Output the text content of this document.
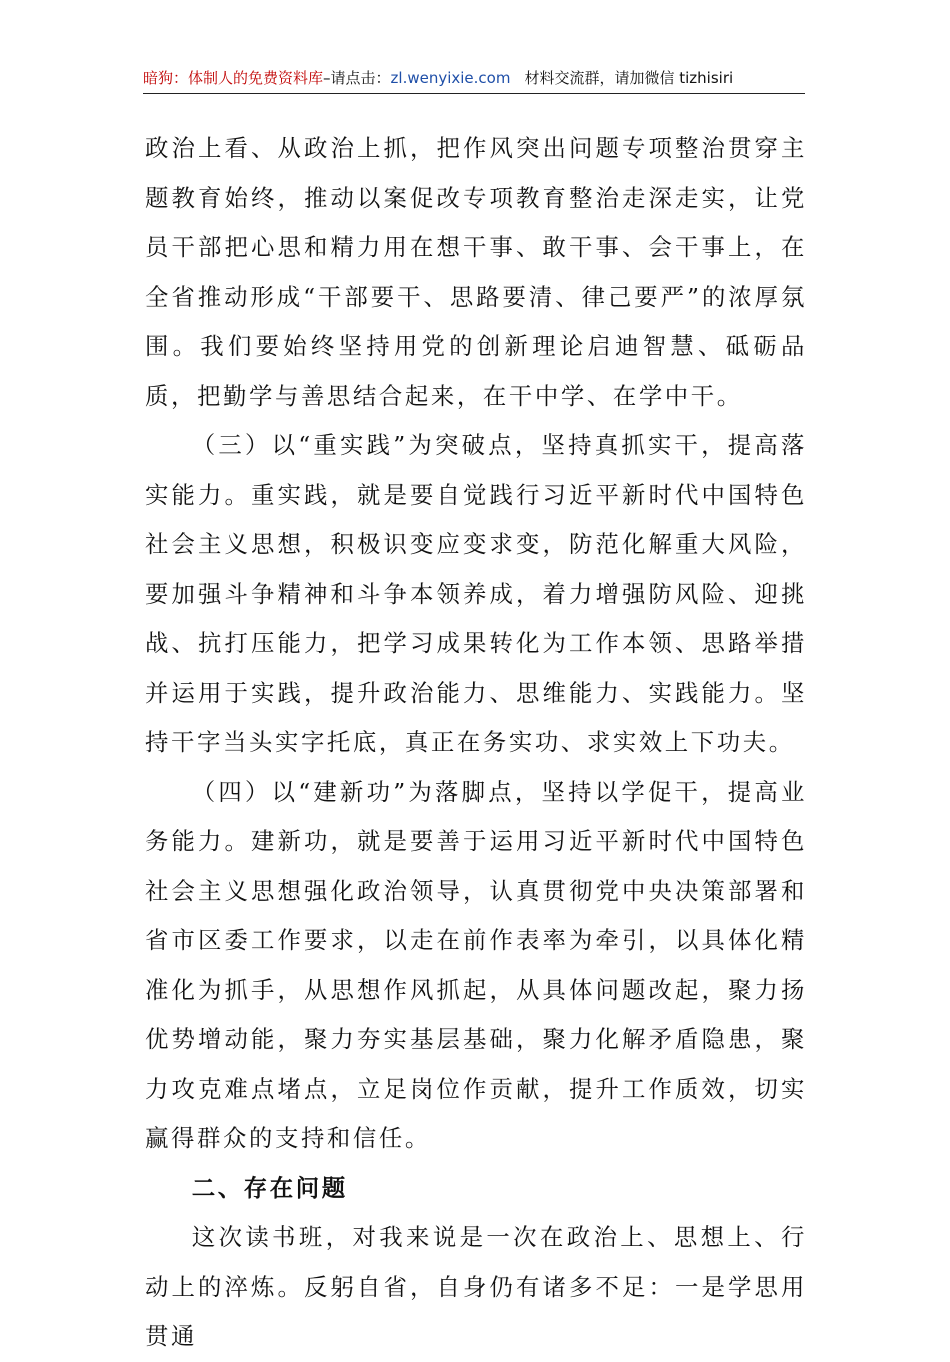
暗狗：体制人的免费资料库–请点击：zl.wenyixie.com 材料交流群，请加微信 tizhisiri

政治上看、从政治上抓，把作风突出问题专项整治贯穿主题教育始终，推动以案促改专项教育整治走深走实，让党员干部把心思和精力用在想干事、敢干事、会干事上，在全省推动形成“干部要干、思路要清、律己要严”的浓厚氛围。我们要始终坚持用党的创新理论启迪智慧、砥砺品质，把勤学与善思结合起来，在干中学、在学中干。

（三）以“重实践”为突破点，坚持真抓实干，提高落实能力。重实践，就是要自觉践行习近平新时代中国特色社会主义思想，积极识变应变求变，防范化解重大风险，要加强斗争精神和斗争本领养成，着力增强防风险、迎挑战、抗打压能力，把学习成果转化为工作本领、思路举措并运用于实践，提升政治能力、思维能力、实践能力。坚持干字当头实字托底，真正在务实功、求实效上下功夫。

（四）以“建新功”为落脚点，坚持以学促干，提高业务能力。建新功，就是要善于运用习近平新时代中国特色社会主义思想强化政治领导，认真贯彻党中央决策部署和省市区委工作要求，以走在前作表率为牵引，以具体化精准化为抓手，从思想作风抓起，从具体问题改起，聚力扬优势增动能，聚力夯实基层基础，聚力化解矛盾隐患，聚力攻克难点堵点，立足岗位作贡献，提升工作质效，切实赢得群众的支持和信任。

二、存在问题

这次读书班，对我来说是一次在政治上、思想上、行动上的淬炼。反躬自省，自身仍有诸多不足：一是学思用贯通
